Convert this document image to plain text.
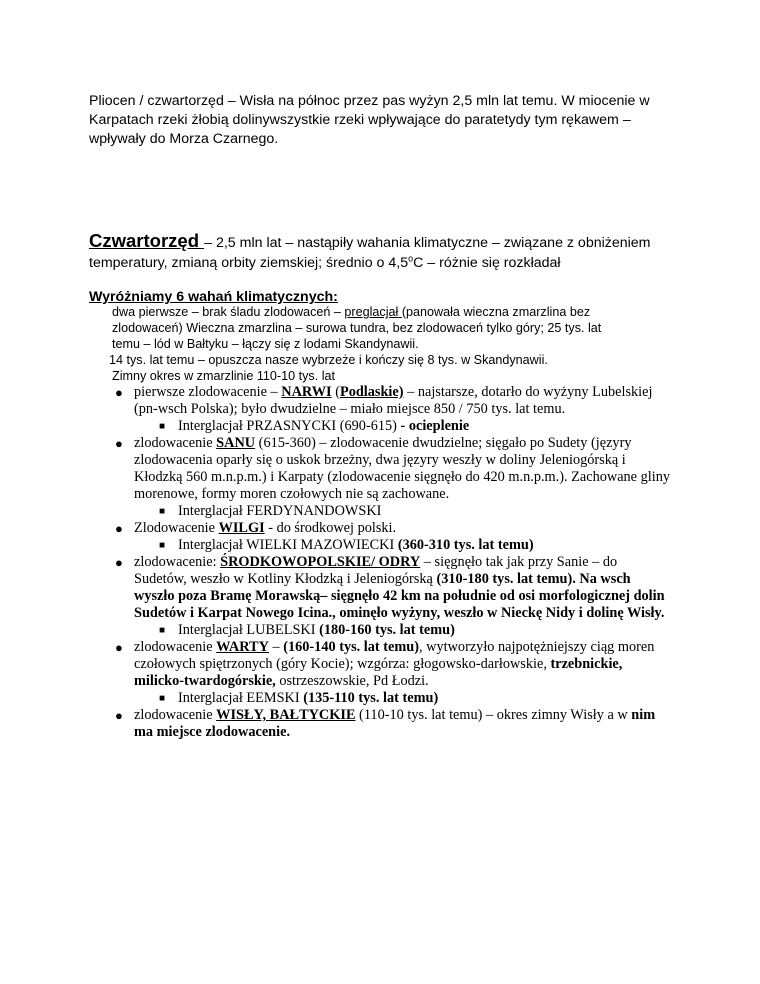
Pliocen / czwartorzęd – Wisła na północ przez pas wyżyn 2,5 mln lat temu. W miocenie w Karpatach rzeki żłobią dolinywszystkie rzeki wpływające do paratetydy tym rękawem – wpływały do Morza Czarnego.

Czwartorzęd – 2,5 mln lat – nastąpiły wahania klimatyczne – związane z obniżeniem temperatury, zmianą orbity ziemskiej; średnio o 4,5$^o$C – różnie się rozkładał

Wyróżniamy 6 wahań klimatycznych:
dwa pierwsze – brak śladu zlodowaceń – preglacjał (panowała wieczna zmarzlina bez
zlodowaceń) Wieczna zmarzlina – surowa tundra, bez zlodowaceń tylko góry; 25 tys. lat
temu – lód w Bałtyku – łączy się z lodami Skandynawii.
14 tys. lat temu – opuszcza nasze wybrzeże i kończy się 8 tys. w Skandynawii.
Zimny okres w zmarzlinie 110-10 tys. lat
● pierwsze zlodowacenie – NARWI (Podlaskie) – najstarsze, dotarło do wyżyny Lubelskiej (pn-wsch Polska); było dwudzielne – miało miejsce 850 / 750 tys. lat temu.
■ Interglacjał PRZASNYCKI (690-615) - ocieplenie
● zlodowacenie SANU (615-360) – zlodowacenie dwudzielne; sięgało po Sudety (języry zlodowacenia oparły się o uskok brzeżny, dwa języry weszły w doliny Jeleniogórską i Kłodzką 560 m.n.p.m.) i Karpaty (zlodowacenie sięgnęło do 420 m.n.p.m.). Zachowane gliny morenowe, formy moren czołowych nie są zachowane.
■ Interglacjał FERDYNANDOWSKI
● Zlodowacenie WILGI - do środkowej polski.
■ Interglacjał WIELKI MAZOWIECKI (360-310 tys. lat temu)
● zlodowacenie: ŚRODKOWOPOLSKIE/ ODRY – sięgnęło tak jak przy Sanie – do Sudetów, weszło w Kotliny Kłodzką i Jeleniogórską (310-180 tys. lat temu). Na wsch wyszło poza Bramę Morawską– sięgnęło 42 km na południe od osi morfologicznej dolin Sudetów i Karpat Nowego Icina., ominęło wyżyny, weszło w Nieckę Nidy i dolinę Wisły.
■ Interglacjał LUBELSKI (180-160 tys. lat temu)
● zlodowacenie WARTY – (160-140 tys. lat temu), wytworzyło najpotężniejszy ciąg moren czołowych spiętrzonych (góry Kocie); wzgórza: głogowsko-darłowskie, trzebnickie, milicko-twardogórskie, ostrzeszowskie, Pd Łodzi.
■ Interglacjał EEMSKI (135-110 tys. lat temu)
● zlodowacenie WISŁY, BAŁTYCKIE (110-10 tys. lat temu) – okres zimny Wisły a w nim ma miejsce zlodowacenie.
